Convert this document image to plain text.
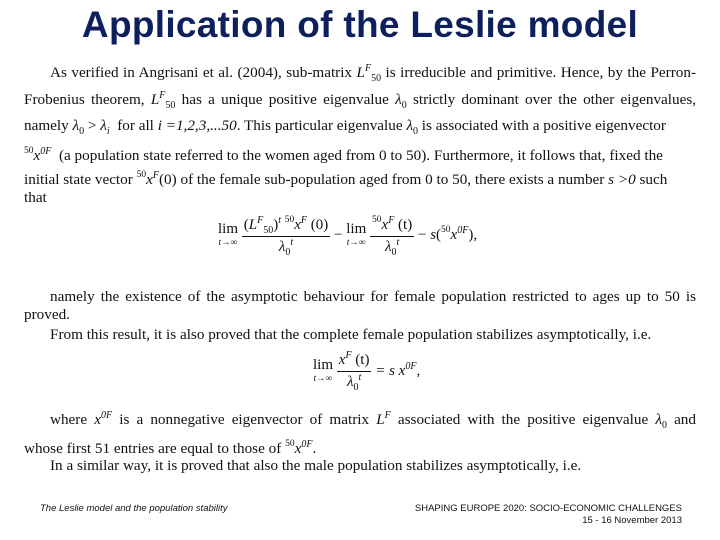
Application of the Leslie model
As verified in Angrisani et al. (2004), sub-matrix $L^F_{50}$ is irreducible and primitive. Hence, by the Perron-
Frobenius theorem, $L^F_{50}$ has a unique positive eigenvalue $\lambda_0$ strictly dominant over the other eigenvalues,
namely $\lambda_0 > \lambda_i$ for all i =1,2,3,...50. This particular eigenvalue $\lambda_0$ is associated with a positive eigenvector
$^{50}x^{0F}$ (a population state referred to the women aged from 0 to 50). Furthermore, it follows that, fixed the
initial state vector $^{50}x^F(0)$ of the female sub-population aged from 0 to 50, there exists a number s >0 such
that
lim
t→∞
$\frac{(L^F_{50})^t ^{50}x^F (0)}{\lambda_0^t} - \lim$
t→∞
$\frac{^{50}x^F (t)}{\lambda_0^t} - s(^{50}x^{0F})$,
namely the existence of the asymptotic behaviour for female population restricted to ages up to 50 is
proved.
From this result, it is also proved that the complete female population stabilizes asymptotically, i.e.
lim
t→∞
$\frac{x^F (t)}{\lambda_0^t} = s$ $x^{0F}$,
where $x^{0F}$ is a nonnegative eigenvector of matrix $L^F$ associated with the positive eigenvalue $\lambda_0$ and
whose first 51 entries are equal to those of $^{50}x^{0F}$.
In a similar way, it is proved that also the male population stabilizes asymptotically, i.e.
The Leslie model and the population stability	SHAPING EUROPE 2020: SOCIO-ECONOMIC CHALLENGES
15 - 16 November 2013
